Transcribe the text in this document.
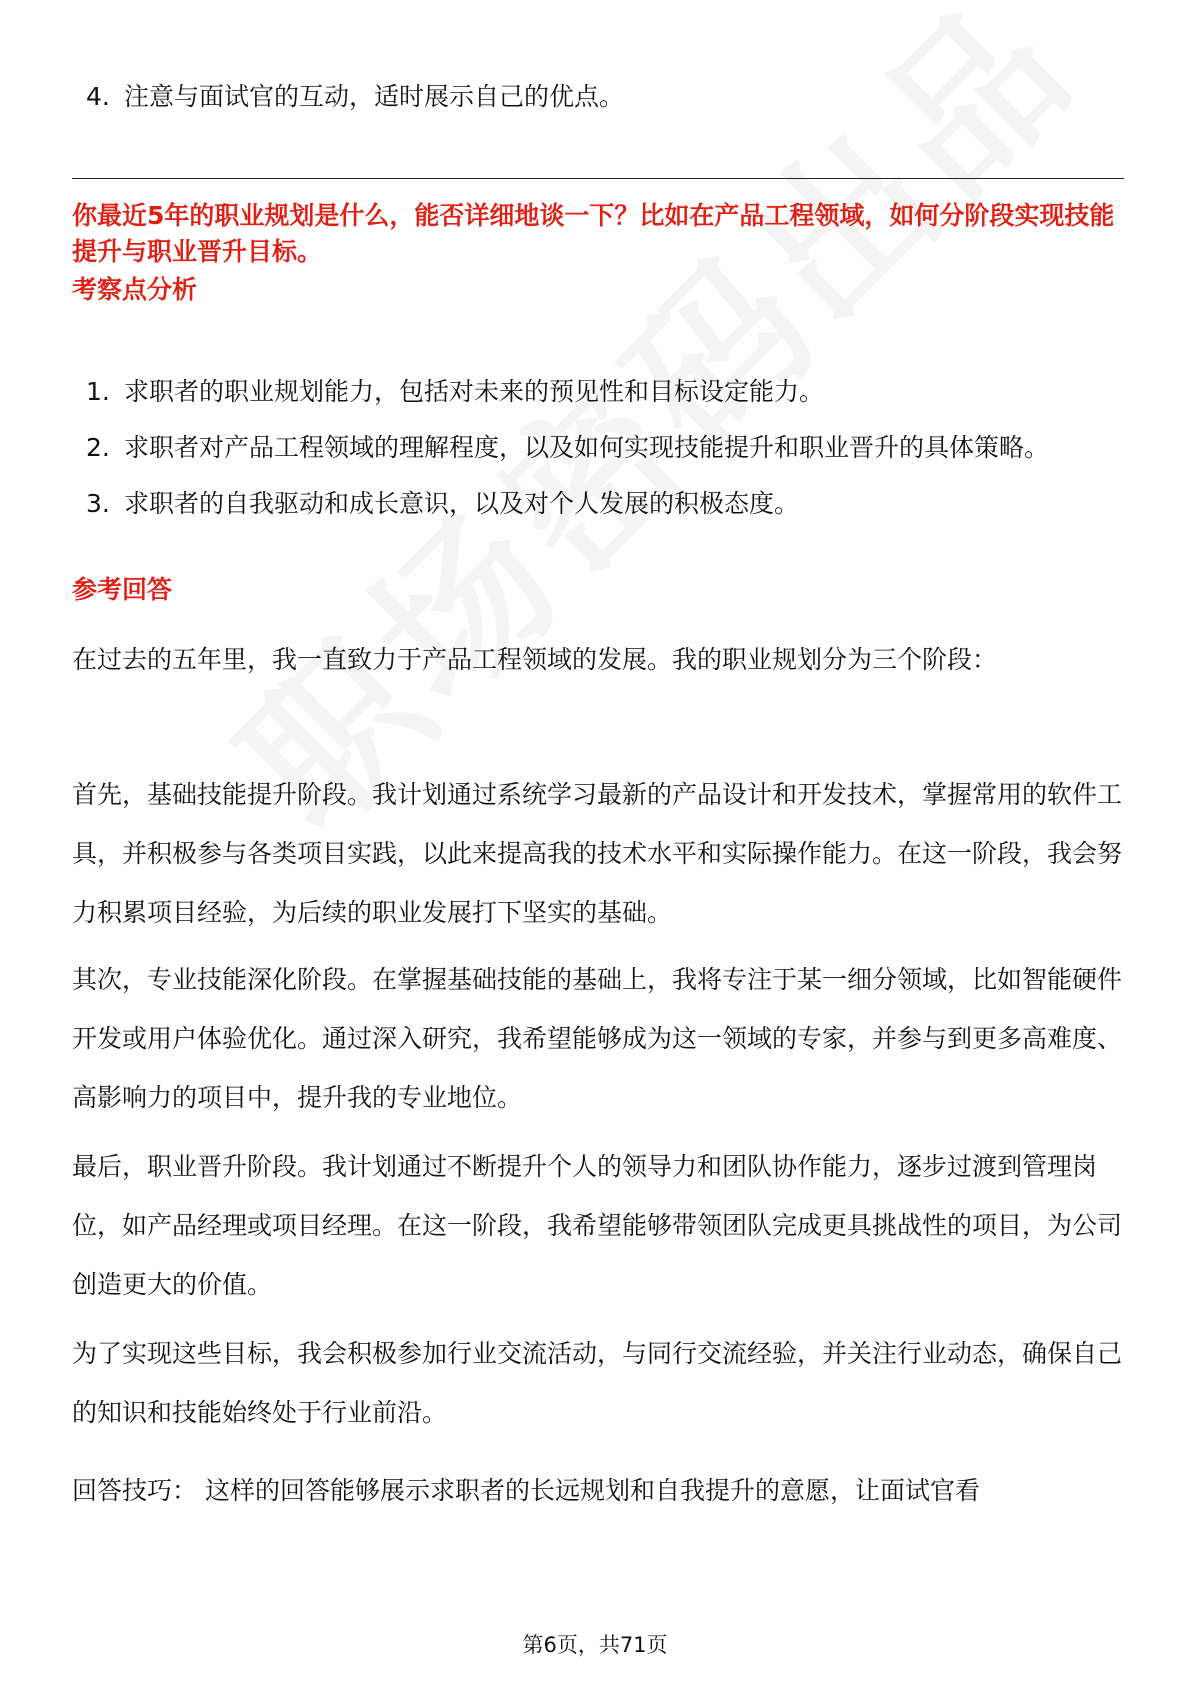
4. 注意与面试官的互动，适时展示自己的优点。
你最近5年的职业规划是什么，能否详细地谈一下？比如在产品工程领域，如何分阶段实现技能提升与职业晋升目标。
考察点分析
1. 求职者的职业规划能力，包括对未来的预见性和目标设定能力。
2. 求职者对产品工程领域的理解程度，以及如何实现技能提升和职业晋升的具体策略。
3. 求职者的自我驱动和成长意识，以及对个人发展的积极态度。
参考回答

在过去的五年里，我一直致力于产品工程领域的发展。我的职业规划分为三个阶段：

首先，基础技能提升阶段。我计划通过系统学习最新的产品设计和开发技术，掌握常用的软件工具，并积极参与各类项目实践，以此来提高我的技术水平和实际操作能力。在这一阶段，我会努力积累项目经验，为后续的职业发展打下坚实的基础。

其次，专业技能深化阶段。在掌握基础技能的基础上，我将专注于某一细分领域，比如智能硬件开发或用户体验优化。通过深入研究，我希望能够成为这一领域的专家，并参与到更多高难度、高影响力的项目中，提升我的专业地位。

最后，职业晋升阶段。我计划通过不断提升个人的领导力和团队协作能力，逐步过渡到管理岗位，如产品经理或项目经理。在这一阶段，我希望能够带领团队完成更具挑战性的项目，为公司创造更大的价值。

为了实现这些目标，我会积极参加行业交流活动，与同行交流经验，并关注行业动态，确保自己的知识和技能始终处于行业前沿。

回答技巧： 这样的回答能够展示求职者的长远规划和自我提升的意愿，让面试官看

第6页，共71页
